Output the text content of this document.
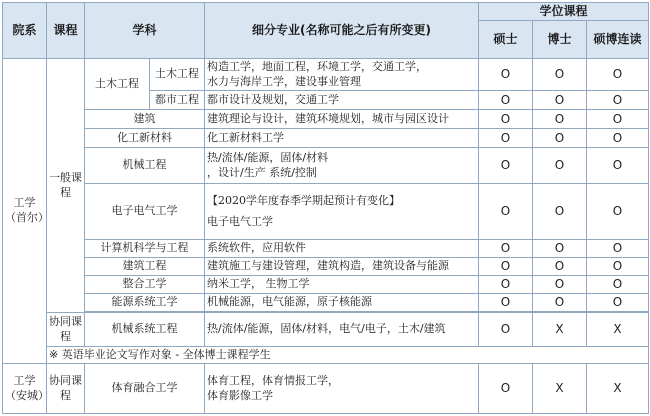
院系	课程	学科		细分专业(名称可能之后有所变更)	学位课程		
					硕士	博士	硕博连读
工学（首尔）	一般课程	土木工程	土木工程	构造工学，地面工程，环境工学，交通工学，
水力与海岸工学，建设事业管理	O	O	O
			都市工程	都市设计及规划，交通工学	O	O	O
		建筑		建筑理论与设计，建筑环境规划，城市与园区设计	O	O	O
		化工新材料		化工新材料工学	O	O	O
		机械工程		热/流体/能源，固体/材料
，设计/生产 系统/控制	O	O	O
		电子电气工学		【2020学年度春季学期起预计有变化】
电子电气工学	O	O	O
		计算机科学与工程		系统软件，应用软件	O	O	O
		建筑工程		建筑施工与建设管理，建筑构造，建筑设备与能源	O	O	O
		整合工学		纳米工学， 生物工学	O	O	O
		能源系统工学		机械能源，电气能源，原子核能源	O	O	O

	协同课程	机械系统工程		热/流体/能源，固体/材料，电气/电子，土木/建筑	O	X	X
	※ 英语毕业论文写作对象 - 全体博士课程学生						
工学（安城）	协同课程	体育融合工学		体育工程，体育情报工学，
体育影像工学	O	X	X
